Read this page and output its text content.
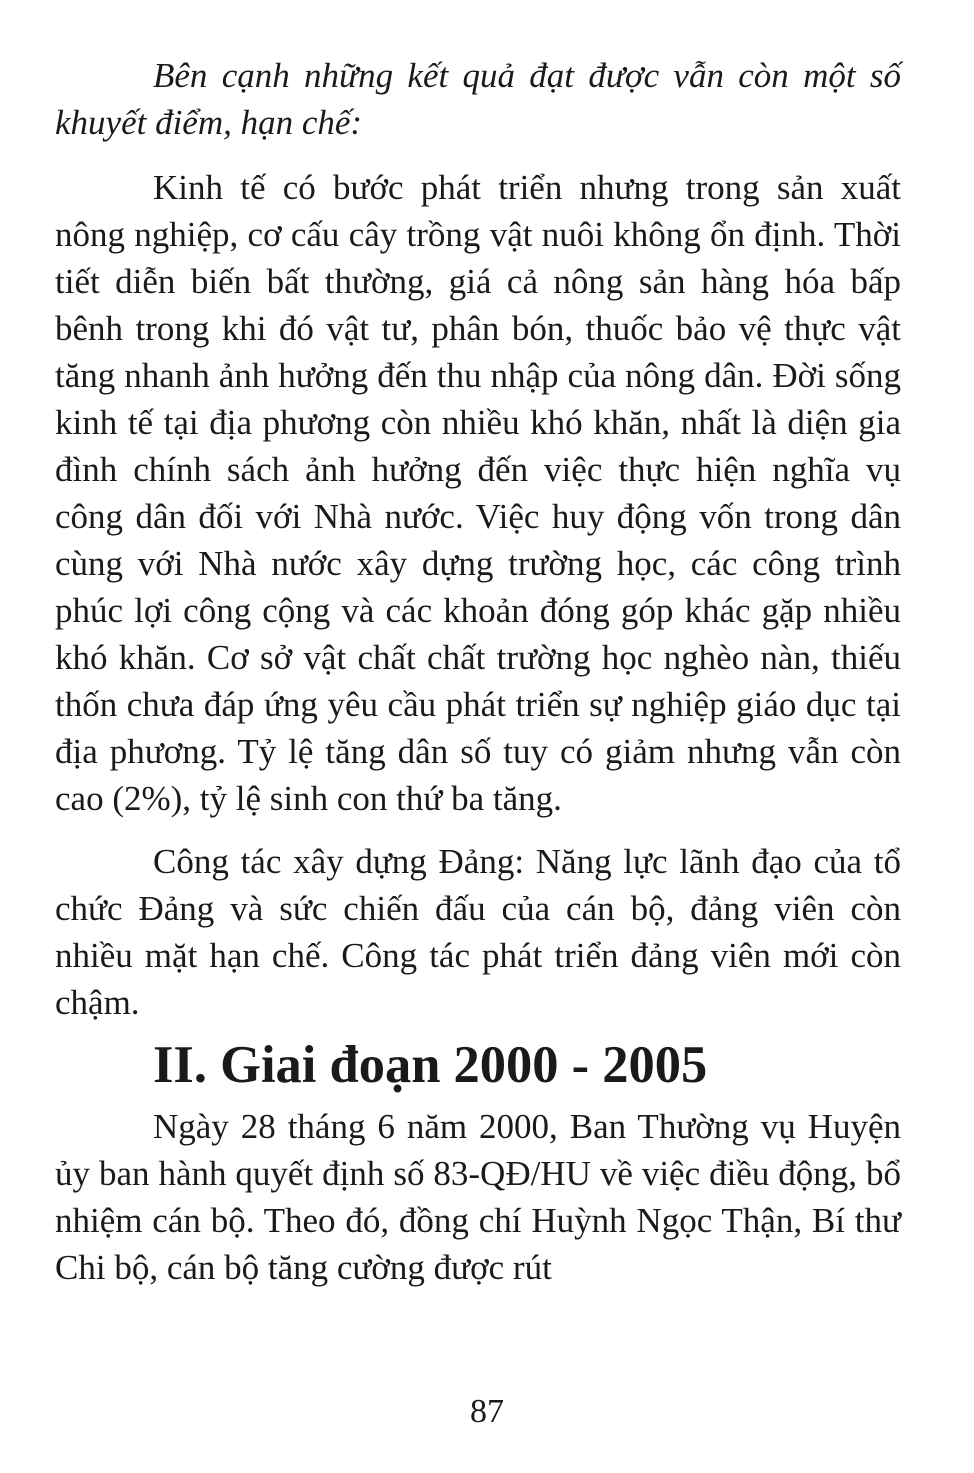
Bên cạnh những kết quả đạt được vẫn còn một số khuyết điểm, hạn chế:

Kinh tế có bước phát triển nhưng trong sản xuất nông nghiệp, cơ cấu cây trồng vật nuôi không ổn định. Thời tiết diễn biến bất thường, giá cả nông sản hàng hóa bấp bênh trong khi đó vật tư, phân bón, thuốc bảo vệ thực vật tăng nhanh ảnh hưởng đến thu nhập của nông dân. Đời sống kinh tế tại địa phương còn nhiều khó khăn, nhất là diện gia đình chính sách ảnh hưởng đến việc thực hiện nghĩa vụ công dân đối với Nhà nước. Việc huy động vốn trong dân cùng với Nhà nước xây dựng trường học, các công trình phúc lợi công cộng và các khoản đóng góp khác gặp nhiều khó khăn. Cơ sở vật chất chất trường học nghèo nàn, thiếu thốn chưa đáp ứng yêu cầu phát triển sự nghiệp giáo dục tại địa phương. Tỷ lệ tăng dân số tuy có giảm nhưng vẫn còn cao (2%), tỷ lệ sinh con thứ ba tăng.

Công tác xây dựng Đảng: Năng lực lãnh đạo của tổ chức Đảng và sức chiến đấu của cán bộ, đảng viên còn nhiều mặt hạn chế. Công tác phát triển đảng viên mới còn chậm.

II. Giai đoạn 2000 - 2005

Ngày 28 tháng 6 năm 2000, Ban Thường vụ Huyện ủy ban hành quyết định số 83-QĐ/HU về việc điều động, bổ nhiệm cán bộ. Theo đó, đồng chí Huỳnh Ngọc Thận, Bí thư Chi bộ, cán bộ tăng cường được rút

87
